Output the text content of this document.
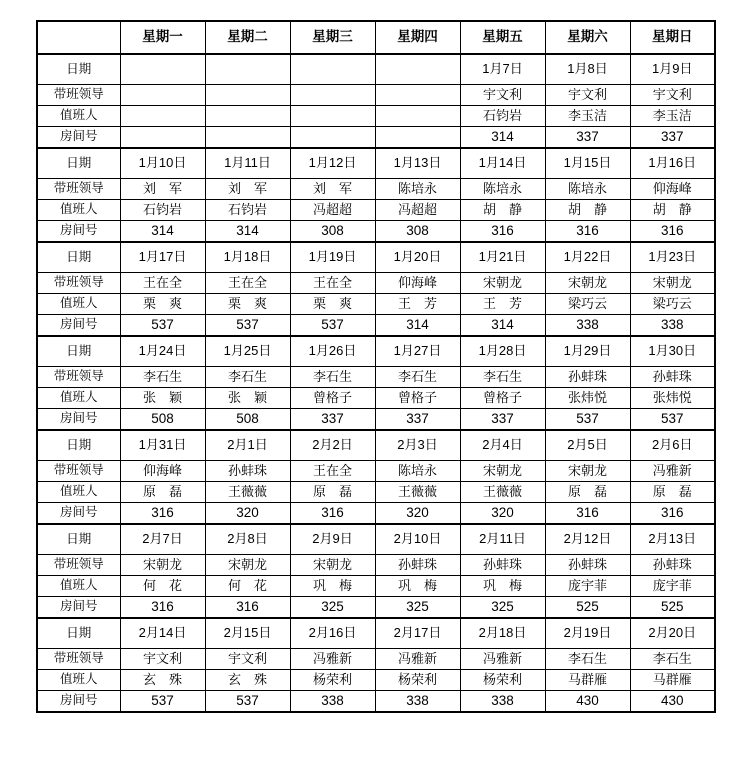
	星期一	星期二	星期三	星期四	星期五	星期六	星期日
日期					1月7日	1月8日	1月9日
带班领导					宇文利	宇文利	宇文利
值班人					石钧岩	李玉洁	李玉洁
房间号					314	337	337
日期	1月10日	1月11日	1月12日	1月13日	1月14日	1月15日	1月16日
带班领导	刘　军	刘　军	刘　军	陈培永	陈培永	陈培永	仰海峰
值班人	石钧岩	石钧岩	冯超超	冯超超	胡　静	胡　静	胡　静
房间号	314	314	308	308	316	316	316
日期	1月17日	1月18日	1月19日	1月20日	1月21日	1月22日	1月23日
带班领导	王在全	王在全	王在全	仰海峰	宋朝龙	宋朝龙	宋朝龙
值班人	栗　爽	栗　爽	栗　爽	王　芳	王　芳	梁巧云	梁巧云
房间号	537	537	537	314	314	338	338
日期	1月24日	1月25日	1月26日	1月27日	1月28日	1月29日	1月30日
带班领导	李石生	李石生	李石生	李石生	李石生	孙蚌珠	孙蚌珠
值班人	张　颖	张　颖	曾格子	曾格子	曾格子	张炜悦	张炜悦
房间号	508	508	337	337	337	537	537
日期	1月31日	2月1日	2月2日	2月3日	2月4日	2月5日	2月6日
带班领导	仰海峰	孙蚌珠	王在全	陈培永	宋朝龙	宋朝龙	冯雅新
值班人	原　磊	王薇薇	原　磊	王薇薇	王薇薇	原　磊	原　磊
房间号	316	320	316	320	320	316	316
日期	2月7日	2月8日	2月9日	2月10日	2月11日	2月12日	2月13日
带班领导	宋朝龙	宋朝龙	宋朝龙	孙蚌珠	孙蚌珠	孙蚌珠	孙蚌珠
值班人	何　花	何　花	巩　梅	巩　梅	巩　梅	庞宇菲	庞宇菲
房间号	316	316	325	325	325	525	525
日期	2月14日	2月15日	2月16日	2月17日	2月18日	2月19日	2月20日
带班领导	宇文利	宇文利	冯雅新	冯雅新	冯雅新	李石生	李石生
值班人	玄　殊	玄　殊	杨荣利	杨荣利	杨荣利	马群雁	马群雁
房间号	537	537	338	338	338	430	430
